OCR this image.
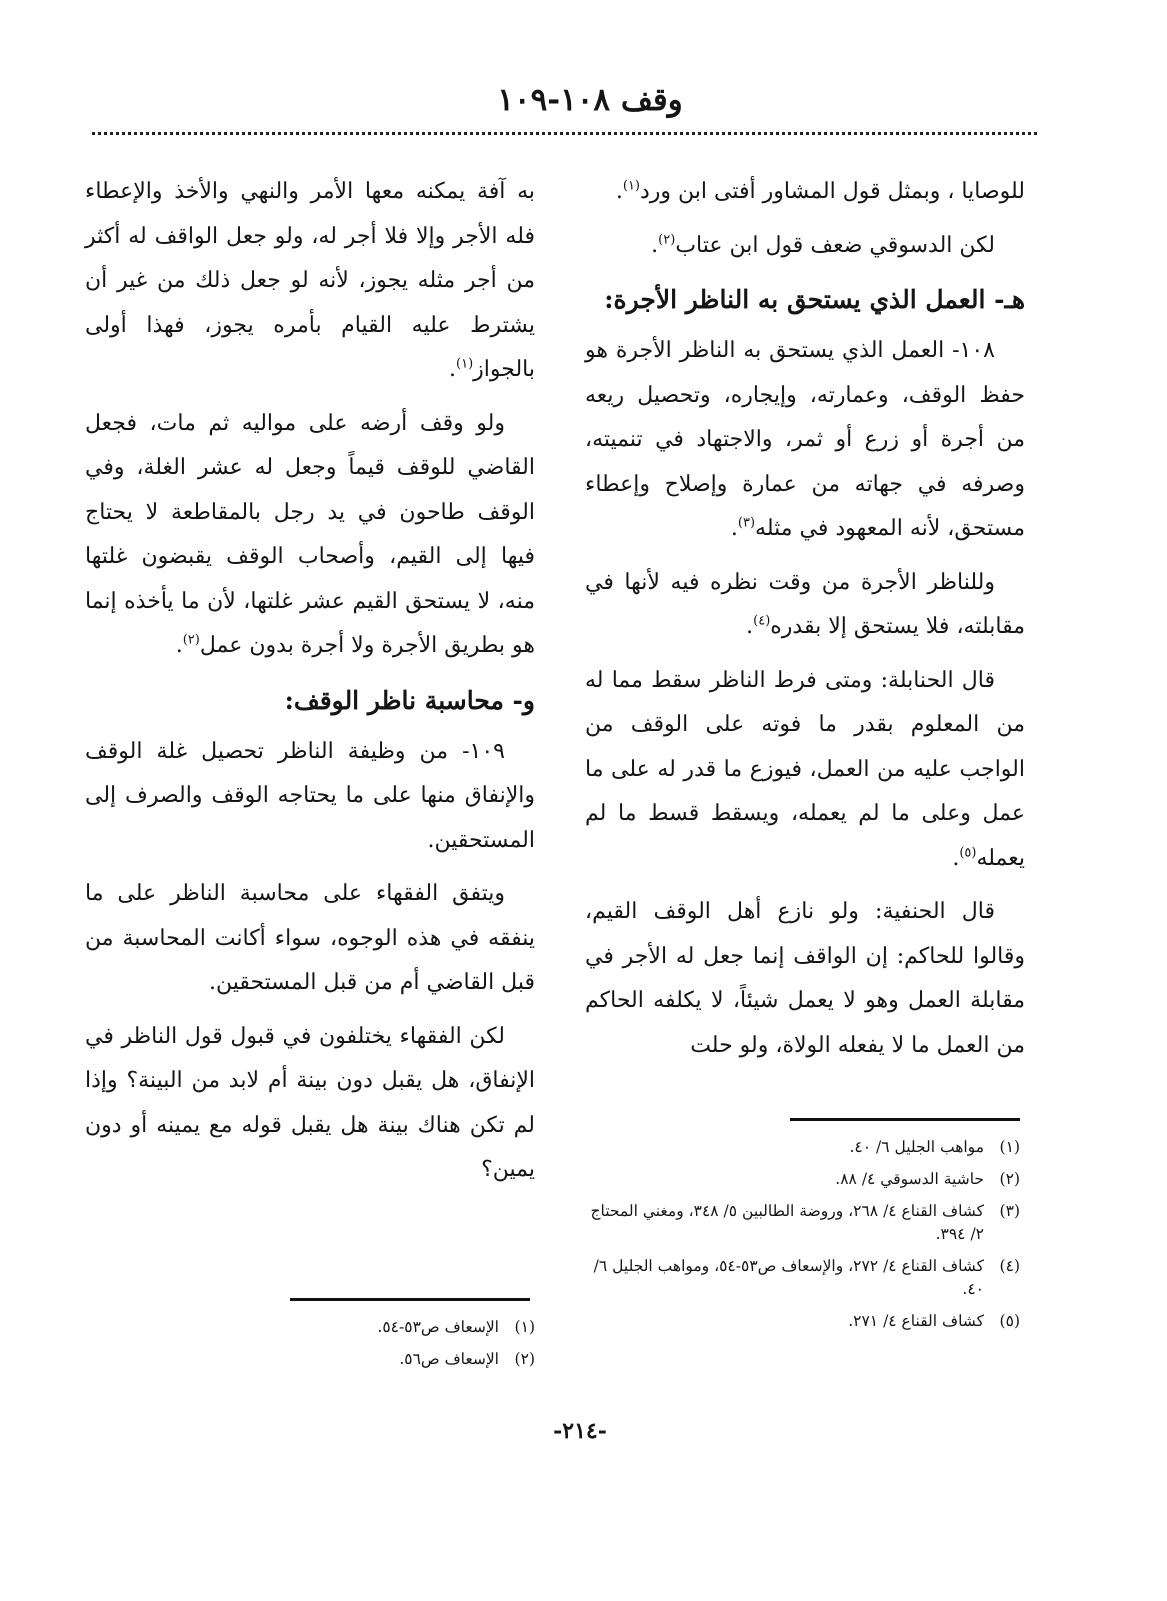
وقف ١٠٨-١٠٩

للوصايا ، وبمثل قول المشاور أفتى ابن ورد$^{(١)}$.

لكن الدسوقي ضعف قول ابن عتاب$^{(٢)}$.

هـ- العمل الذي يستحق به الناظر الأجرة:

١٠٨- العمل الذي يستحق به الناظر الأجرة هو حفظ الوقف، وعمارته، وإيجاره، وتحصيل ريعه من أجرة أو زرع أو ثمر، والاجتهاد في تنميته، وصرفه في جهاته من عمارة وإصلاح وإعطاء مستحق، لأنه المعهود في مثله$^{(٣)}$.

وللناظر الأجرة من وقت نظره فيه لأنها في مقابلته، فلا يستحق إلا بقدره$^{(٤)}$.

قال الحنابلة: ومتى فرط الناظر سقط مما له من المعلوم بقدر ما فوته على الوقف من الواجب عليه من العمل، فيوزع ما قدر له على ما عمل وعلى ما لم يعمله، ويسقط قسط ما لم يعمله$^{(٥)}$.

قال الحنفية: ولو نازع أهل الوقف القيم، وقالوا للحاكم: إن الواقف إنما جعل له الأجر في مقابلة العمل وهو لا يعمل شيئاً، لا يكلفه الحاكم من العمل ما لا يفعله الولاة، ولو حلت

به آفة يمكنه معها الأمر والنهي والأخذ والإعطاء فله الأجر وإلا فلا أجر له، ولو جعل الواقف له أكثر من أجر مثله يجوز، لأنه لو جعل ذلك من غير أن يشترط عليه القيام بأمره يجوز، فهذا أولى بالجواز$^{(١)}$.

ولو وقف أرضه على مواليه ثم مات، فجعل القاضي للوقف قيماً وجعل له عشر الغلة، وفي الوقف طاحون في يد رجل بالمقاطعة لا يحتاج فيها إلى القيم، وأصحاب الوقف يقبضون غلتها منه، لا يستحق القيم عشر غلتها، لأن ما يأخذه إنما هو بطريق الأجرة ولا أجرة بدون عمل$^{(٢)}$.

و- محاسبة ناظر الوقف:

١٠٩- من وظيفة الناظر تحصيل غلة الوقف والإنفاق منها على ما يحتاجه الوقف والصرف إلى المستحقين.

ويتفق الفقهاء على محاسبة الناظر على ما ينفقه في هذه الوجوه، سواء أكانت المحاسبة من قبل القاضي أم من قبل المستحقين.

لكن الفقهاء يختلفون في قبول قول الناظر في الإنفاق، هل يقبل دون بينة أم لابد من البينة؟ وإذا لم تكن هناك بينة هل يقبل قوله مع يمينه أو دون يمين؟

(١)
مواهب الجليل ٦/ ٤٠.
(٢)
حاشية الدسوقي ٤/ ٨٨.
(٣)
كشاف القناع ٤/ ٢٦٨، وروضة الطالبين ٥/ ٣٤٨، ومغني المحتاج ٢/ ٣٩٤.
(٤)
كشاف القناع ٤/ ٢٧٢، والإسعاف ص٥٣-٥٤، ومواهب الجليل ٦/ ٤٠.
(٥)
كشاف القناع ٤/ ٢٧١.
(١)
الإسعاف ص٥٣-٥٤.
(٢)
الإسعاف ص٥٦.
-٢١٤-
